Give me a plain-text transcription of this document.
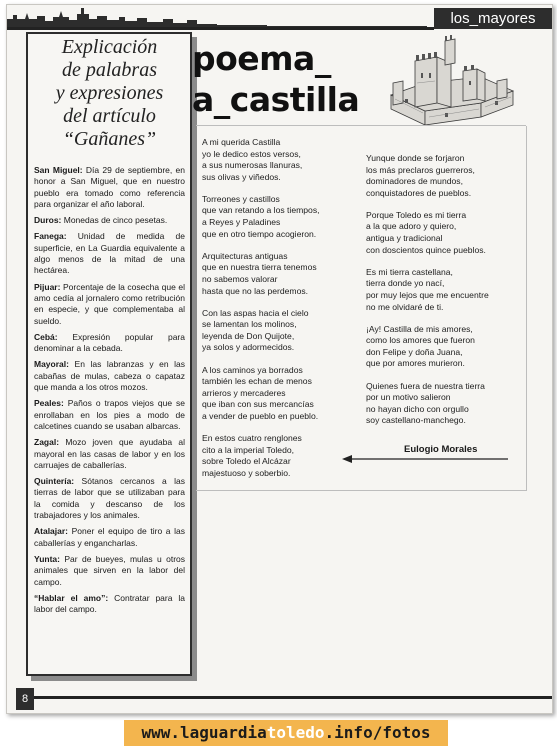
los_mayores
8
Explicación
de palabras
y expresiones
del artículo
“Gañanes”
San Miguel: Día 29 de septiembre, en honor a San Miguel, que en nuestro pueblo era tomado como referencia para organizar el año laboral.
Duros: Monedas de cinco pesetas.
Fanega: Unidad de medida de superficie, en La Guardia equivalente a algo menos de la mitad de una hectárea.
Pijuar: Porcentaje de la cosecha que el amo cedía al jornalero como retribución en especie, y que complementaba al sueldo.
Cebá: Expresión popular para denominar a la cebada.
Mayoral: En las labranzas y en las cabañas de mulas, cabeza o capataz que manda a los otros mozos.
Peales: Paños o trapos viejos que se enrollaban en los pies a modo de calcetines cuando se usaban albarcas.
Zagal: Mozo joven que ayudaba al mayoral en las casas de labor y en los carruajes de caballerías.
Quintería: Sótanos cercanos a las tierras de labor que se utilizaban para la comida y descanso de los trabajadores y los animales.
Atalajar: Poner el equipo de tiro a las caballerías y engancharlas.
Yunta: Par de bueyes, mulas u otros animales que sirven en la labor del campo.
“Hablar el amo”: Contratar para la labor del campo.
poema_
a_castilla
A mi querida Castilla
yo le dedico estos versos,
a sus numerosas llanuras,
sus olivas y viñedos.
Torreones y castillos
que van retando a los tiempos,
a Reyes y Paladines
que en otro tiempo acogieron.
Arquitecturas antiguas
que en nuestra tierra tenemos
no sabemos valorar
hasta que no las perdemos.
Con las aspas hacia el cielo
se lamentan los molinos,
leyenda de Don Quijote,
ya solos y adormecidos.
A los caminos ya borrados
también les echan de menos
arrieros y mercaderes
que iban con sus mercancías
a vender de pueblo en pueblo.
En estos cuatro renglones
cito a la imperial Toledo,
sobre Toledo el Alcázar
majestuoso y soberbio.
Yunque donde se forjaron
los más preclaros guerreros,
dominadores de mundos,
conquistadores de pueblos.
Porque Toledo es mi tierra
a la que adoro y quiero,
antigua y tradicional
con doscientos quince pueblos.
Es mi tierra castellana,
tierra donde yo nací,
por muy lejos que me encuentre
no me olvidaré de ti.
¡Ay! Castilla de mis amores,
como los amores que fueron
don Felipe y doña Juana,
que por amores murieron.
Quienes fuera de nuestra tierra
por un motivo salieron
no hayan dicho con orgullo
soy castellano-manchego.
Eulogio Morales
www.laguardiatoledo.info/fotos
